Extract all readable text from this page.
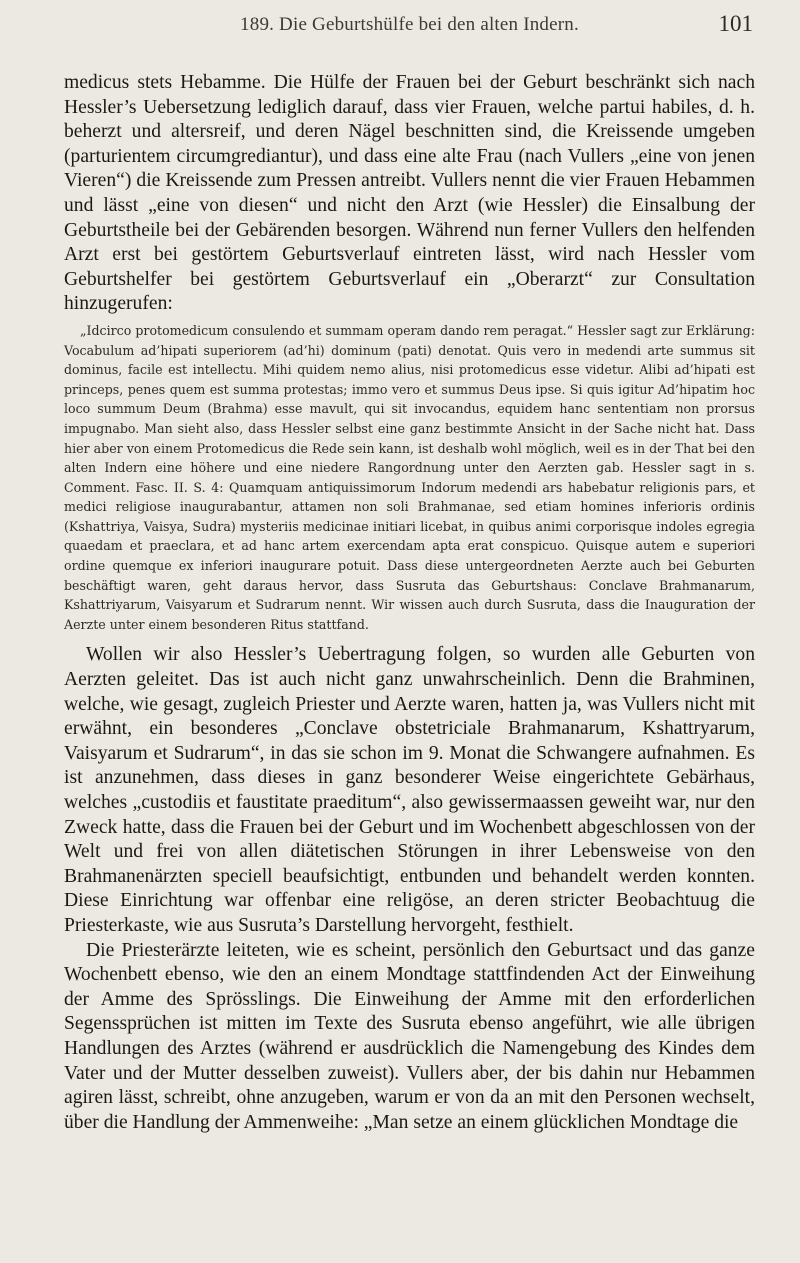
189. Die Geburtshülfe bei den alten Indern.	101

medicus stets Hebamme. Die Hülfe der Frauen bei der Geburt beschränkt sich nach Hessler’s Uebersetzung lediglich darauf, dass vier Frauen, welche partui habiles, d. h. beherzt und altersreif, und deren Nägel beschnitten sind, die Kreissende umgeben (parturientem circumgrediantur), und dass eine alte Frau (nach Vullers „eine von jenen Vieren“) die Kreissende zum Pressen antreibt. Vullers nennt die vier Frauen Hebammen und lässt „eine von diesen“ und nicht den Arzt (wie Hessler) die Einsalbung der Geburtstheile bei der Gebärenden besorgen. Während nun ferner Vullers den helfenden Arzt erst bei gestörtem Geburtsverlauf eintreten lässt, wird nach Hessler vom Geburtshelfer bei gestörtem Geburtsverlauf ein „Oberarzt“ zur Consultation hinzugerufen:

„Idcirco protomedicum consulendo et summam operam dando rem peragat.“ Hessler sagt zur Erklärung: Vocabulum ad’hipati superiorem (ad’hi) dominum (pati) denotat. Quis vero in medendi arte summus sit dominus, facile est intellectu. Mihi quidem nemo alius, nisi protomedicus esse videtur. Alibi ad’hipati est princeps, penes quem est summa protestas; immo vero et summus Deus ipse. Si quis igitur Ad’hipatim hoc loco summum Deum (Brahma) esse mavult, qui sit invocandus, equidem hanc sententiam non prorsus impugnabo. Man sieht also, dass Hessler selbst eine ganz bestimmte Ansicht in der Sache nicht hat. Dass hier aber von einem Protomedicus die Rede sein kann, ist deshalb wohl möglich, weil es in der That bei den alten Indern eine höhere und eine niedere Rangordnung unter den Aerzten gab. Hessler sagt in s. Comment. Fasc. II. S. 4: Quamquam antiquissimorum Indorum medendi ars habebatur religionis pars, et medici religiose inaugurabantur, attamen non soli Brahmanae, sed etiam homines inferioris ordinis (Kshattriya, Vaisya, Sudra) mysteriis medicinae initiari licebat, in quibus animi corporisque indoles egregia quaedam et praeclara, et ad hanc artem exercendam apta erat conspicuo. Quisque autem e superiori ordine quemque ex inferiori inaugurare potuit. Dass diese untergeordneten Aerzte auch bei Geburten beschäftigt waren, geht daraus hervor, dass Susruta das Geburtshaus: Conclave Brahmanarum, Kshattriyarum, Vaisyarum et Sudrarum nennt. Wir wissen auch durch Susruta, dass die Inauguration der Aerzte unter einem besonderen Ritus stattfand.

Wollen wir also Hessler’s Uebertragung folgen, so wurden alle Geburten von Aerzten geleitet. Das ist auch nicht ganz unwahrscheinlich. Denn die Brahminen, welche, wie gesagt, zugleich Priester und Aerzte waren, hatten ja, was Vullers nicht mit erwähnt, ein besonderes „Conclave obstetriciale Brahmanarum, Kshattryarum, Vaisyarum et Sudrarum“, in das sie schon im 9. Monat die Schwangere aufnahmen. Es ist anzunehmen, dass dieses in ganz besonderer Weise eingerichtete Gebärhaus, welches „custodiis et faustitate praeditum“, also gewissermaassen geweiht war, nur den Zweck hatte, dass die Frauen bei der Geburt und im Wochenbett abgeschlossen von der Welt und frei von allen diätetischen Störungen in ihrer Lebensweise von den Brahmanenärzten speciell beaufsichtigt, entbunden und behandelt werden konnten. Diese Einrichtung war offenbar eine religöse, an deren stricter Beobachtuug die Priesterkaste, wie aus Susruta’s Darstellung hervorgeht, festhielt.

Die Priesterärzte leiteten, wie es scheint, persönlich den Geburtsact und das ganze Wochenbett ebenso, wie den an einem Mondtage stattfindenden Act der Einweihung der Amme des Sprösslings. Die Einweihung der Amme mit den erforderlichen Segenssprüchen ist mitten im Texte des Susruta ebenso angeführt, wie alle übrigen Handlungen des Arztes (während er ausdrücklich die Namengebung des Kindes dem Vater und der Mutter desselben zuweist). Vullers aber, der bis dahin nur Hebammen agiren lässt, schreibt, ohne anzugeben, warum er von da an mit den Personen wechselt, über die Handlung der Ammenweihe: „Man setze an einem glücklichen Mondtage die
